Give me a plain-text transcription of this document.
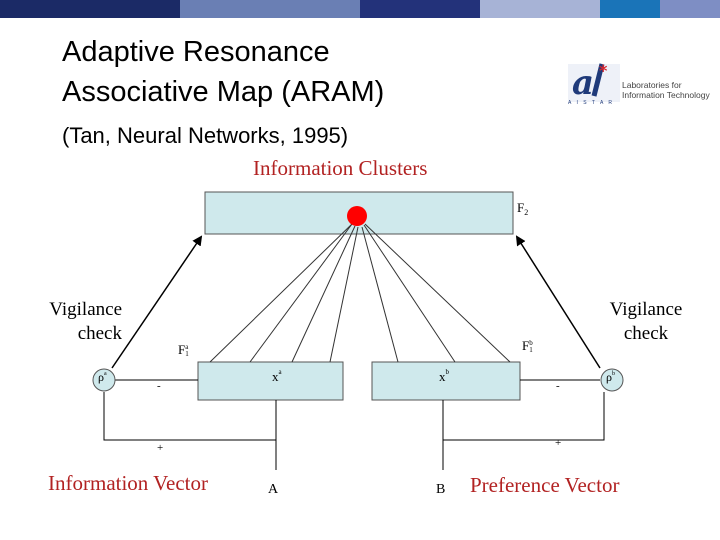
Adaptive Resonance
Associative Map (ARAM)
(Tan, Neural Networks, 1995)
a *
Laboratories for
Information Technology
A I S T A R
Information Clusters
$F_2$
Vigilance
check
Vigilance
check
F a
1
F b
1
$x^a$	$x^b$
$\rho^a$	$\rho^b$
-	-
+	+
A	B
Information Vector	Preference Vector
